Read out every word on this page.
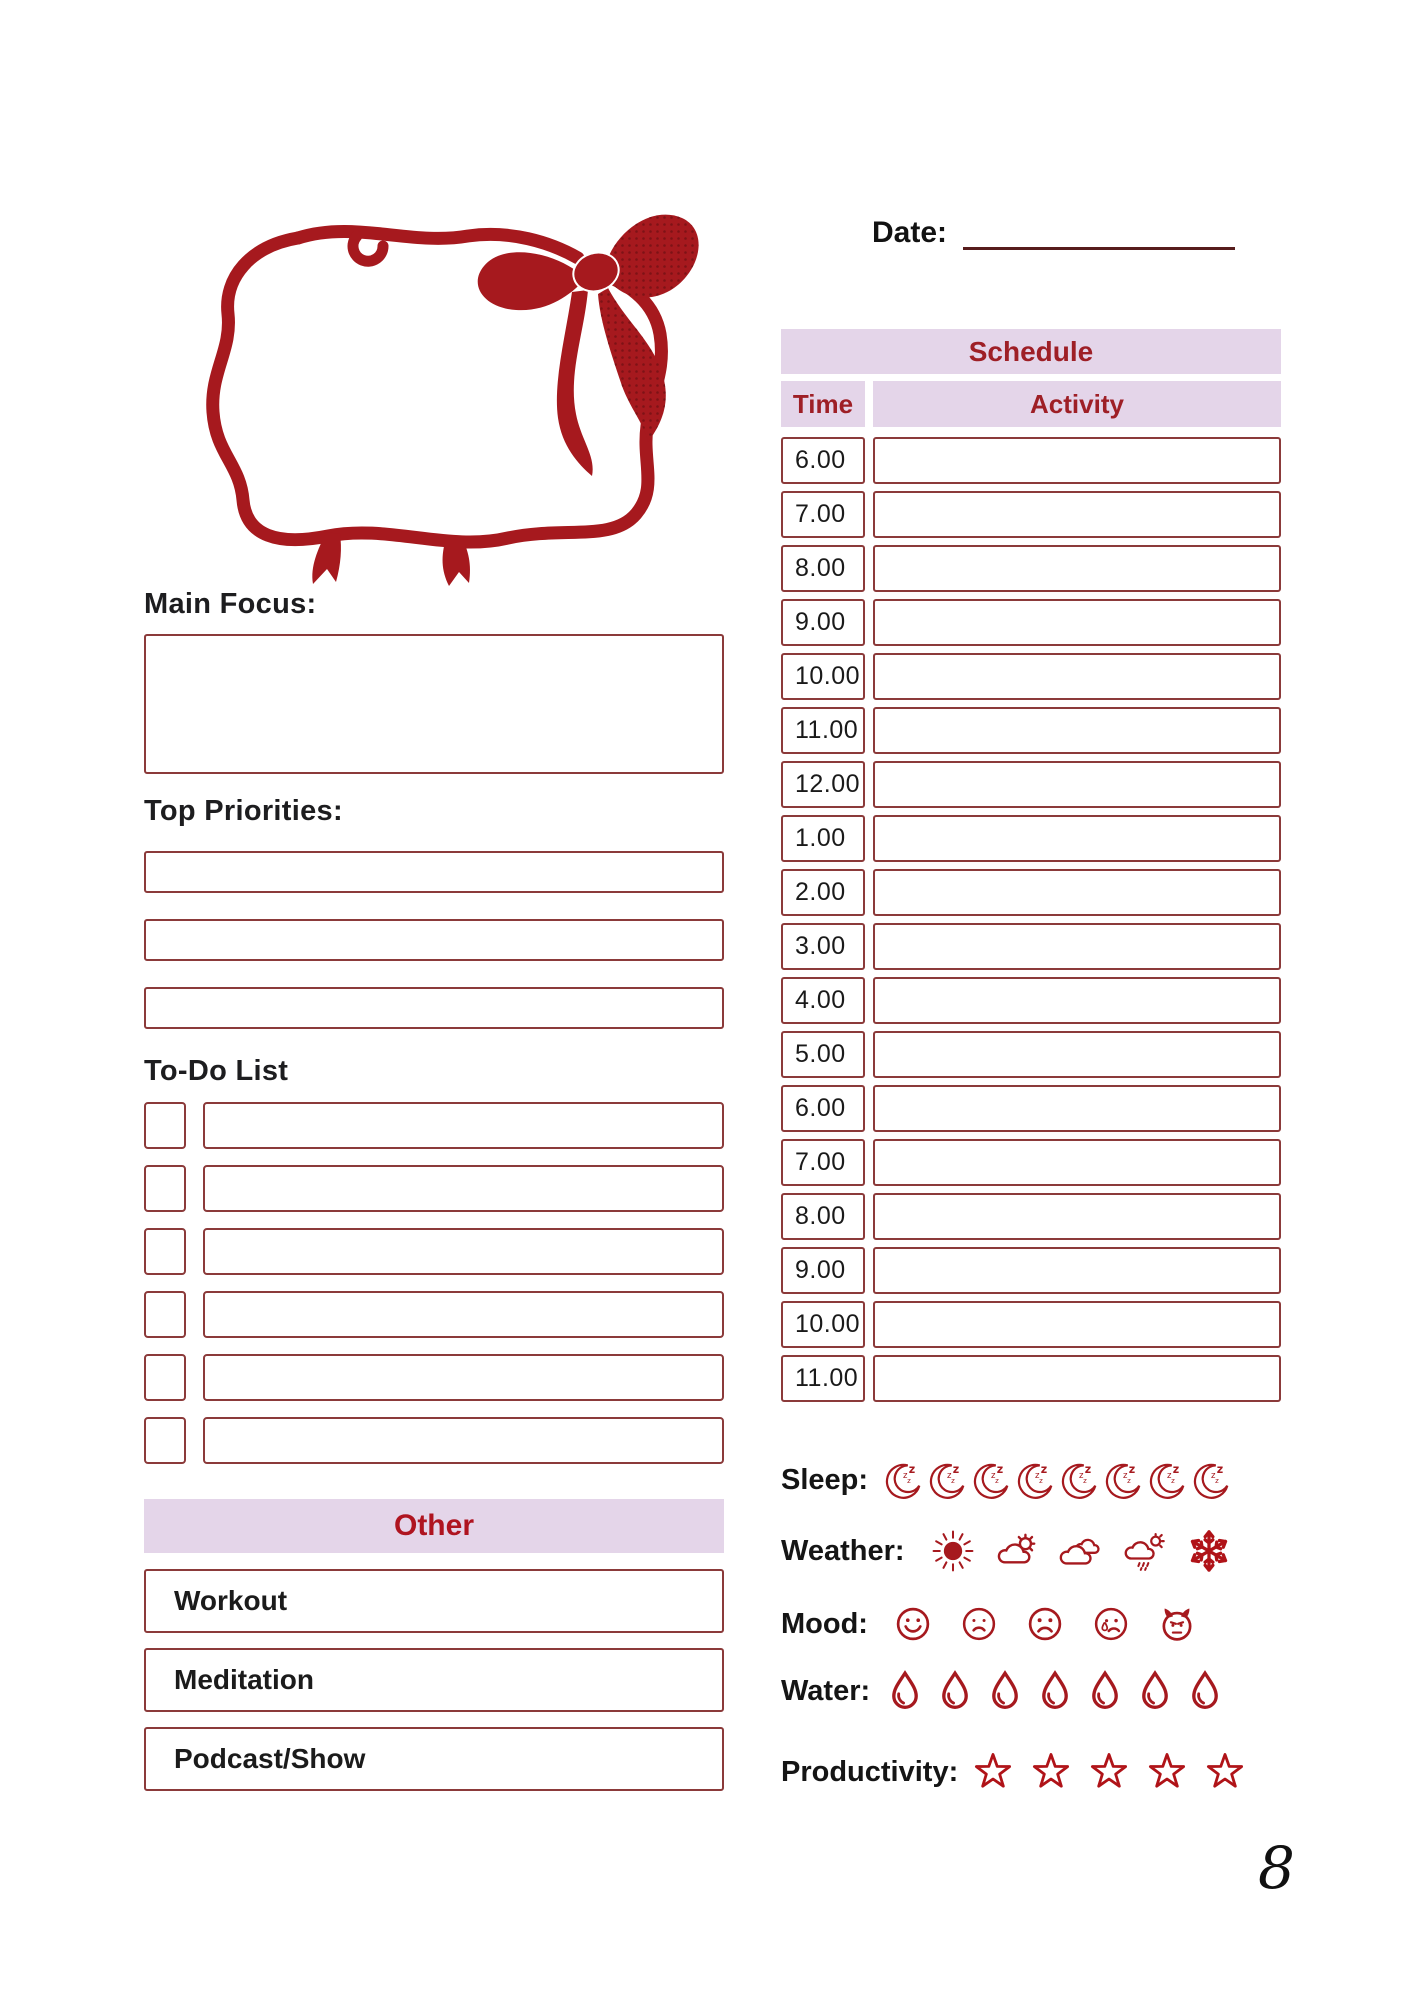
Main Focus:
Top Priorities:
To-Do List
Other
Workout
Meditation
Podcast/Show
Date:
Schedule
Time	Activity
6.00
7.00
8.00
9.00
10.00
11.00
12.00
1.00
2.00
3.00
4.00
5.00
6.00
7.00
8.00
9.00
10.00
11.00
Sleep:
Weather:
Mood:
Water:
Productivity:
8
